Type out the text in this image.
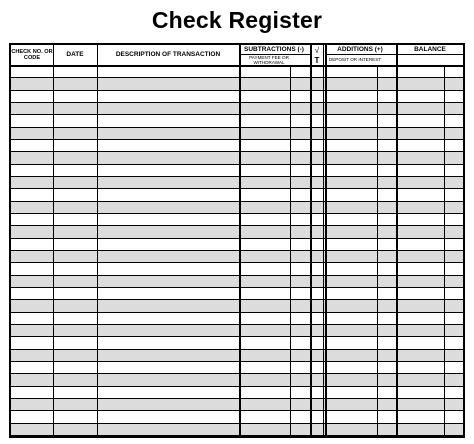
Check Register
CHECK NO. OR CODE	DATE	DESCRIPTION OF TRANSACTION
SUBTRACTIONS (-)
PAYMENT FEE OR WITHDRAWAL
√
T
ADDITIONS (+)
DEPOSIT OR INTEREST
BALANCE
